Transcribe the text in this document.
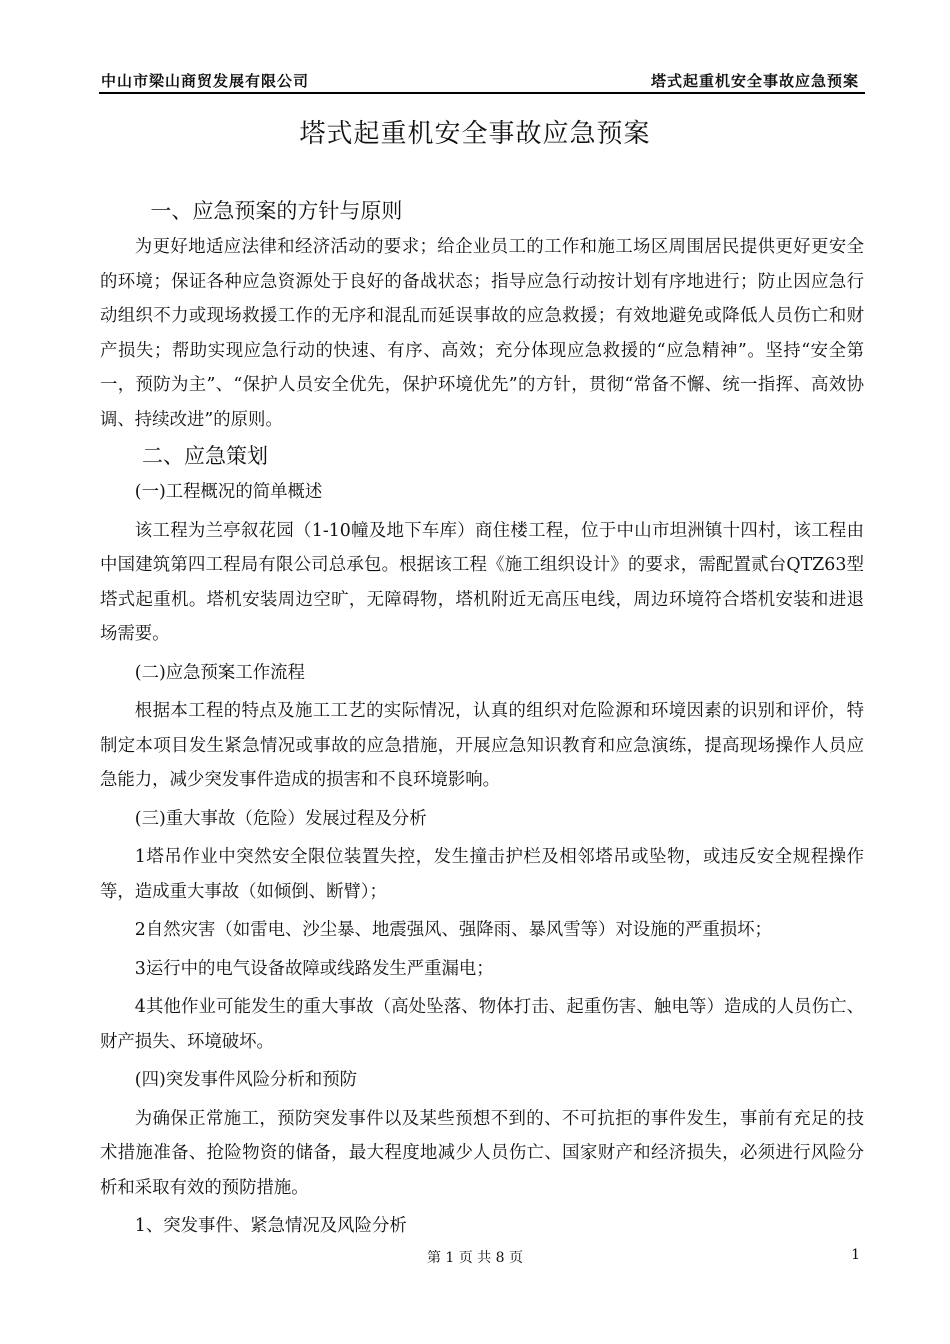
中山市梁山商贸发展有限公司	塔式起重机安全事故应急预案
塔式起重机安全事故应急预案

一、应急预案的方针与原则

为更好地适应法律和经济活动的要求；给企业员工的工作和施工场区周围居民提供更好更安全的环境；保证各种应急资源处于良好的备战状态；指导应急行动按计划有序地进行；防止因应急行动组织不力或现场救援工作的无序和混乱而延误事故的应急救援；有效地避免或降低人员伤亡和财产损失；帮助实现应急行动的快速、有序、高效；充分体现应急救援的“应急精神”。坚持“安全第一，预防为主”、“保护人员安全优先，保护环境优先”的方针，贯彻“常备不懈、统一指挥、高效协调、持续改进”的原则。

二、应急策划

(一)工程概况的简单概述

该工程为兰亭叙花园（1-10幢及地下车库）商住楼工程，位于中山市坦洲镇十四村，该工程由中国建筑第四工程局有限公司总承包。根据该工程《施工组织设计》的要求，需配置贰台QTZ63型塔式起重机。塔机安装周边空旷，无障碍物，塔机附近无高压电线，周边环境符合塔机安装和进退场需要。

(二)应急预案工作流程

根据本工程的特点及施工工艺的实际情况，认真的组织对危险源和环境因素的识别和评价，特制定本项目发生紧急情况或事故的应急措施，开展应急知识教育和应急演练，提高现场操作人员应急能力，减少突发事件造成的损害和不良环境影响。

(三)重大事故（危险）发展过程及分析

1塔吊作业中突然安全限位装置失控，发生撞击护栏及相邻塔吊或坠物，或违反安全规程操作等，造成重大事故（如倾倒、断臂）；

2自然灾害（如雷电、沙尘暴、地震强风、强降雨、暴风雪等）对设施的严重损坏；

3运行中的电气设备故障或线路发生严重漏电；

4其他作业可能发生的重大事故（高处坠落、物体打击、起重伤害、触电等）造成的人员伤亡、财产损失、环境破坏。

(四)突发事件风险分析和预防

为确保正常施工，预防突发事件以及某些预想不到的、不可抗拒的事件发生，事前有充足的技术措施准备、抢险物资的储备，最大程度地减少人员伤亡、国家财产和经济损失，必须进行风险分析和采取有效的预防措施。

1、突发事件、紧急情况及风险分析

第 1 页 共 8 页	1
